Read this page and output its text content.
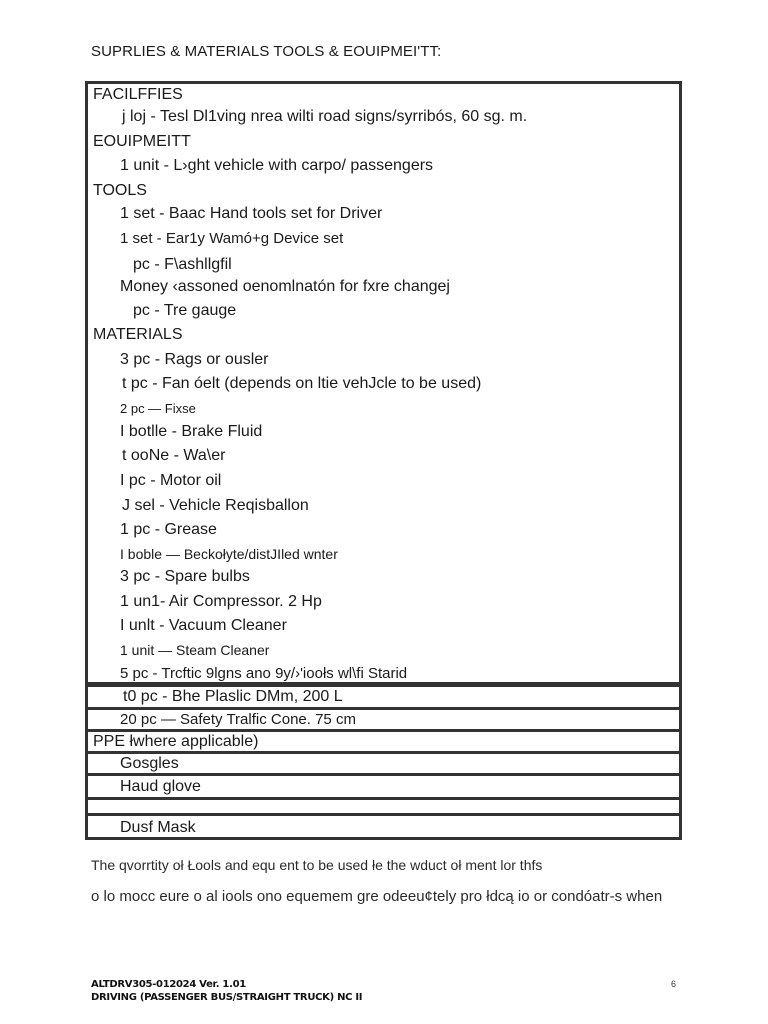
SUPRLIES & MATERIALS TOOLS & EOUIPMEI'TT:
FACILFFIES
j loj - Tesl Dl1ving nrea wilti road signs/syrribós, 60 sg. m.
EOUIPMEITT
1 unit - L›ght vehicle with carpo/ passengers
TOOLS
1 set - Baac Hand tools set for Driver
1 set - Ear1y Wamó+g Device set
pc - F\ashllgfil
Money ‹assoned oenomlnatón for fxre changej
pc - Tre gauge
MATERIALS
3 pc - Rags or ousler
t pc - Fan óelt (depends on ltie vehJcle to be used)
2 pc — Fixse
I botlle - Brake Fluid
t ooNe - Wa\er
I pc - Motor oil
J sel - Vehicle Reqisballon
1 pc - Grease
I boble — Beckołyte/distJIled wnter
3 pc - Spare bulbs
1 un1- Air Compressor. 2 Hp
I unlt - Vacuum Cleaner
1 unit — Steam Cleaner
5 pc - Trcftic 9lgns ano 9y/›'ioołs wl\fi Starid
t0 pc - Bhe Plaslic DMm, 200 L
20 pc — Safety Tralfic Cone. 75 cm
PPE łwhere applicable)
Gosgles
Haud glove
Dusf Mask
The qvorrtity oł Łools and equ ent to be used łe the wduct oł ment lor thfs
o lo mocc eure o al iools ono equemem gre odeeu¢tely pro łdcą io or condóatr-s when
ALTDRV305-012024 Ver. 1.01
DRIVING (PASSENGER BUS/STRAIGHT TRUCK) NC II
6
